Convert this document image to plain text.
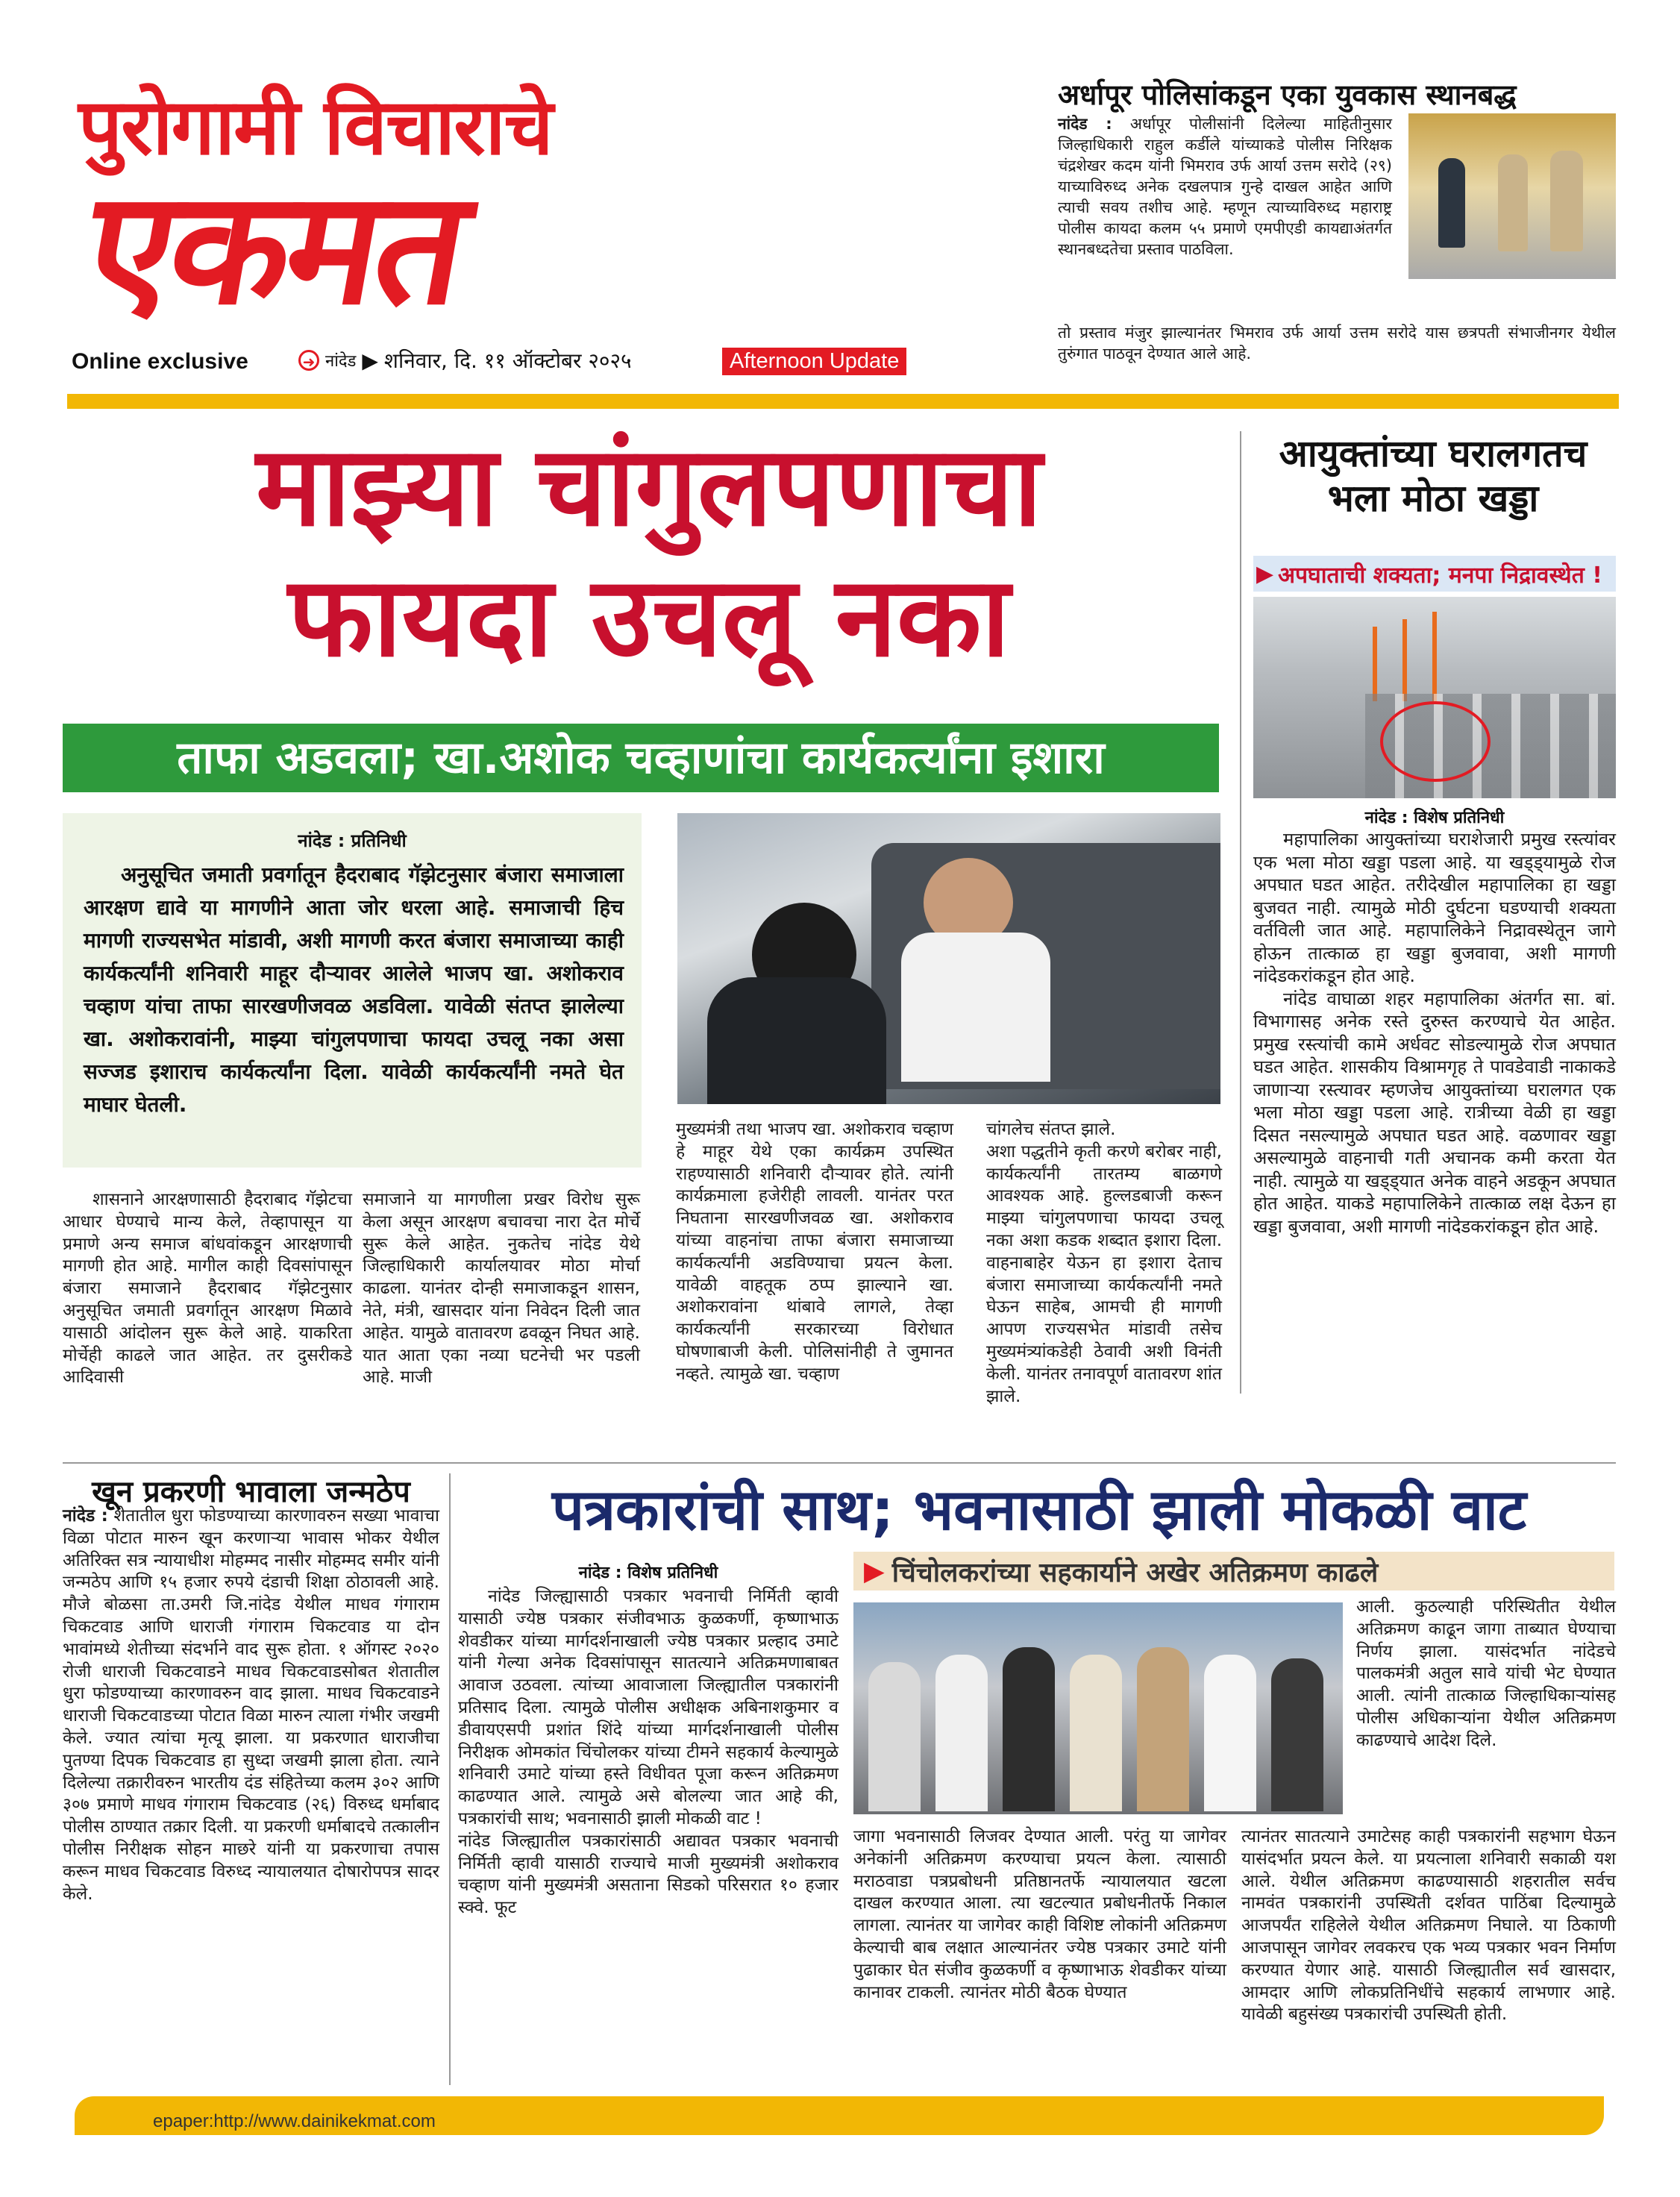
पुरोगामी विचाराचे
एकमत
Online exclusive	➜ नांदेड ▶ शनिवार, दि. ११ ऑक्टोबर २०२५	Afternoon Update
अर्धापूर पोलिसांकडून एका युवकास स्थानबद्ध
नांदेड : अर्धापूर पोलीसांनी दिलेल्या माहितीनुसार जिल्हाधिकारी राहुल कर्डीले यांच्याकडे पोलीस निरिक्षक चंद्रशेखर कदम यांनी भिमराव उर्फ आर्या उत्तम सरोदे (२९) याच्याविरुध्द अनेक दखलपात्र गुन्हे दाखल आहेत आणि त्याची सवय तशीच आहे. म्हणून त्याच्याविरुध्द महाराष्ट्र पोलीस कायदा कलम ५५ प्रमाणे एमपीएडी कायद्याअंतर्गत स्थानबध्दतेचा प्रस्ताव पाठविला.
तो प्रस्ताव मंजुर झाल्यानंतर भिमराव उर्फ आर्या उत्तम सरोदे यास छत्रपती संभाजीनगर येथील तुरुंगात पाठवून देण्यात आले आहे.
माझ्या चांगुलपणाचा
फायदा उचलू नका
ताफा अडवला; खा.अशोक चव्हाणांचा कार्यकर्त्यांना इशारा
नांदेड : प्रतिनिधी
अनुसूचित जमाती प्रवर्गातून हैदराबाद गॅझेटनुसार बंजारा समाजाला आरक्षण द्यावे या मागणीने आता जोर धरला आहे. समाजाची हिच मागणी राज्यसभेत मांडावी, अशी मागणी करत बंजारा समाजाच्या काही कार्यकर्त्यांनी शनिवारी माहूर दौऱ्यावर आलेले भाजप खा. अशोकराव चव्हाण यांचा ताफा सारखणीजवळ अडविला. यावेळी संतप्त झालेल्या खा. अशोकरावांनी, माझ्या चांगुलपणाचा फायदा उचलू नका असा सज्जड इशाराच कार्यकर्त्यांना दिला. यावेळी कार्यकर्त्यांनी नमते घेत माघार घेतली.

शासनाने आरक्षणासाठी हैदराबाद गॅझेटचा आधार घेण्याचे मान्य केले, तेव्हापासून या प्रमाणे अन्य समाज बांधवांकडून आरक्षणाची मागणी होत आहे. मागील काही दिवसांपासून बंजारा समाजाने हैदराबाद गॅझेटनुसार अनुसूचित जमाती प्रवर्गातून आरक्षण मिळावे यासाठी आंदोलन सुरू केले आहे. याकरिता मोर्चेही काढले जात आहेत. तर दुसरीकडे आदिवासी

समाजाने या मागणीला प्रखर विरोध सुरू केला असून आरक्षण बचावचा नारा देत मोर्चे सुरू केले आहेत. नुकतेच नांदेड येथे जिल्हाधिकारी कार्यालयावर मोठा मोर्चा काढला. यानंतर दोन्ही समाजाकडून शासन, नेते, मंत्री, खासदार यांना निवेदन दिली जात आहेत. यामुळे वातावरण ढवळून निघत आहे. यात आता एका नव्या घटनेची भर पडली आहे. माजी

मुख्यमंत्री तथा भाजप खा. अशोकराव चव्हाण हे माहूर येथे एका कार्यक्रम उपस्थित राहण्यासाठी शनिवारी दौऱ्यावर होते. त्यांनी कार्यक्रमाला हजेरीही लावली. यानंतर परत निघताना सारखणीजवळ खा. अशोकराव यांच्या वाहनांचा ताफा बंजारा समाजाच्या कार्यकर्त्यांनी अडविण्याचा प्रयत्न केला. यावेळी वाहतूक ठप्प झाल्याने खा. अशोकरावांना थांबावे लागले, तेव्हा कार्यकर्त्यांनी सरकारच्या विरोधात घोषणाबाजी केली. पोलिसांनीही ते जुमानत नव्हते. त्यामुळे खा. चव्हाण

चांगलेच संतप्त झाले.
अशा पद्धतीने कृती करणे बरोबर नाही, कार्यकर्त्यांनी तारतम्य बाळगणे आवश्यक आहे. हुल्लडबाजी करून माझ्या चांगुलपणाचा फायदा उचलू नका अशा कडक शब्दात इशारा दिला. वाहनाबाहेर येऊन हा इशारा देताच बंजारा समाजाच्या कार्यकर्त्यांनी नमते घेऊन साहेब, आमची ही मागणी आपण राज्यसभेत मांडावी तसेच मुख्यमंत्र्यांकडेही ठेवावी अशी विनंती केली. यानंतर तनावपूर्ण वातावरण शांत झाले.

आयुक्तांच्या घरालगतच
भला मोठा खड्डा
▶ अपघाताची शक्यता; मनपा निद्रावस्थेत !
नांदेड : विशेष प्रतिनिधी

महापालिका आयुक्तांच्या घराशेजारी प्रमुख रस्त्यांवर एक भला मोठा खड्डा पडला आहे. या खड्ड्यामुळे रोज अपघात घडत आहेत. तरीदेखील महापालिका हा खड्डा बुजवत नाही. त्यामुळे मोठी दुर्घटना घडण्याची शक्यता वर्तविली जात आहे. महापालिकेने निद्रावस्थेतून जागे होऊन तात्काळ हा खड्डा बुजवावा, अशी मागणी नांदेडकरांकडून होत आहे.

नांदेड वाघाळा शहर महापालिका अंतर्गत सा. बां. विभागासह अनेक रस्ते दुरुस्त करण्याचे येत आहेत. प्रमुख रस्त्यांची कामे अर्धवट सोडल्यामुळे रोज अपघात घडत आहेत. शासकीय विश्रामगृह ते पावडेवाडी नाकाकडे जाणाऱ्या रस्त्यावर म्हणजेच आयुक्तांच्या घरालगत एक भला मोठा खड्डा पडला आहे. रात्रीच्या वेळी हा खड्डा दिसत नसल्यामुळे अपघात घडत आहे. वळणावर खड्डा असल्यामुळे वाहनाची गती अचानक कमी करता येत नाही. त्यामुळे या खड्ड्यात अनेक वाहने अडकून अपघात होत आहेत. याकडे महापालिकेने तात्काळ लक्ष देऊन हा खड्डा बुजवावा, अशी मागणी नांदेडकरांकडून होत आहे.

खून प्रकरणी भावाला जन्मठेप
नांदेड : शेतातील धुरा फोडण्याच्या कारणावरुन सख्या भावाचा विळा पोटात मारुन खून करणाऱ्या भावास भोकर येथील अतिरिक्त सत्र न्यायाधीश मोहम्मद नासीर मोहम्मद समीर यांनी जन्मठेप आणि १५ हजार रुपये दंडाची शिक्षा ठोठावली आहे. मौजे बोळसा ता.उमरी जि.नांदेड येथील माधव गंगाराम चिकटवाड आणि धाराजी गंगाराम चिकटवाड या दोन भावांमध्ये शेतीच्या संदर्भाने वाद सुरू होता. १ ऑगस्ट २०२० रोजी धाराजी चिकटवाडने माधव चिकटवाडसोबत शेतातील धुरा फोडण्याच्या कारणावरुन वाद झाला. माधव चिकटवाडने धाराजी चिकटवाडच्या पोटात विळा मारुन त्याला गंभीर जखमी केले. ज्यात त्यांचा मृत्यू झाला. या प्रकरणात धाराजीचा पुतण्या दिपक चिकटवाड हा सुध्दा जखमी झाला होता. त्याने दिलेल्या तक्रारीवरुन भारतीय दंड संहितेच्या कलम ३०२ आणि ३०७ प्रमाणे माधव गंगाराम चिकटवाड (२६) विरुध्द धर्माबाद पोलीस ठाण्यात तक्रार दिली. या प्रकरणी धर्माबादचे तत्कालीन पोलीस निरीक्षक सोहन माछरे यांनी या प्रकरणाचा तपास करून माधव चिकटवाड विरुध्द न्यायालयात दोषारोपपत्र सादर केले.
पत्रकारांची साथ; भवनासाठी झाली मोकळी वाट
▶ चिंचोलकरांच्या सहकार्याने अखेर अतिक्रमण काढले
नांदेड : विशेष प्रतिनिधी

नांदेड जिल्ह्यासाठी पत्रकार भवनाची निर्मिती व्हावी यासाठी ज्येष्ठ पत्रकार संजीवभाऊ कुळकर्णी, कृष्णाभाऊ शेवडीकर यांच्या मार्गदर्शनाखाली ज्येष्ठ पत्रकार प्रल्हाद उमाटे यांनी गेल्या अनेक दिवसांपासून सातत्याने अतिक्रमणाबाबत आवाज उठवला. त्यांच्या आवाजाला जिल्ह्यातील पत्रकारांनी प्रतिसाद दिला. त्यामुळे पोलीस अधीक्षक अबिनाशकुमार व डीवायएसपी प्रशांत शिंदे यांच्या मार्गदर्शनाखाली पोलीस निरीक्षक ओमकांत चिंचोलकर यांच्या टीमने सहकार्य केल्यामुळे शनिवारी उमाटे यांच्या हस्ते विधीवत पूजा करून अतिक्रमण काढण्यात आले. त्यामुळे असे बोलल्या जात आहे की, पत्रकारांची साथ; भवनासाठी झाली मोकळी वाट !
नांदेड जिल्ह्यातील पत्रकारांसाठी अद्यावत पत्रकार भवनाची निर्मिती व्हावी यासाठी राज्याचे माजी मुख्यमंत्री अशोकराव चव्हाण यांनी मुख्यमंत्री असताना सिडको परिसरात १० हजार स्क्वे. फूट

आली. कुठल्याही परिस्थितीत येथील अतिक्रमण काढून जागा ताब्यात घेण्याचा निर्णय झाला. यासंदर्भात नांदेडचे पालकमंत्री अतुल सावे यांची भेट घेण्यात आली. त्यांनी तात्काळ जिल्हाधिकाऱ्यांसह पोलीस अधिकाऱ्यांना येथील अतिक्रमण काढण्याचे आदेश दिले.

जागा भवनासाठी लिजवर देण्यात आली. परंतु या जागेवर अनेकांनी अतिक्रमण करण्याचा प्रयत्न केला. त्यासाठी मराठवाडा पत्रप्रबोधनी प्रतिष्ठानतर्फे न्यायालयात खटला दाखल करण्यात आला. त्या खटल्यात प्रबोधनीतर्फे निकाल लागला. त्यानंतर या जागेवर काही विशिष्ट लोकांनी अतिक्रमण केल्याची बाब लक्षात आल्यानंतर ज्येष्ठ पत्रकार उमाटे यांनी पुढाकार घेत संजीव कुळकर्णी व कृष्णाभाऊ शेवडीकर यांच्या कानावर टाकली. त्यानंतर मोठी बैठक घेण्यात

त्यानंतर सातत्याने उमाटेसह काही पत्रकारांनी सहभाग घेऊन यासंदर्भात प्रयत्न केले. या प्रयत्नाला शनिवारी सकाळी यश आले. येथील अतिक्रमण काढण्यासाठी शहरातील सर्वच नामवंत पत्रकारांनी उपस्थिती दर्शवत पाठिंबा दिल्यामुळे आजपर्यंत राहिलेले येथील अतिक्रमण निघाले. या ठिकाणी आजपासून जागेवर लवकरच एक भव्य पत्रकार भवन निर्माण करण्यात येणार आहे. यासाठी जिल्ह्यातील सर्व खासदार, आमदार आणि लोकप्रतिनिधींचे सहकार्य लाभणार आहे. यावेळी बहुसंख्य पत्रकारांची उपस्थिती होती.

epaper:http://www.dainikekmat.com
